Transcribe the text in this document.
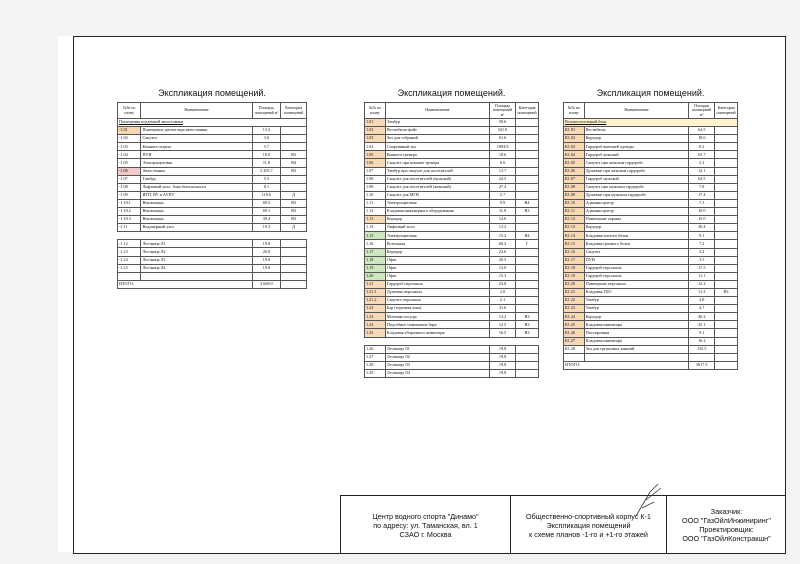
Экспликация помещений.
№№ по плану	Наименование	Площадь помещений м²	Категория помещений
Помещения подземной автостоянки			
-1.01	Помещение диспетчера автостоянки	13.3	
-1.02	Санузел	3.6	
-1.03	Комната отдыха	5.7	
-1.04	ПУИ	10.0	В3
-1.05	Электрощитовая	11.8	В4
-1.06	Автостоянка	3 205.7	В3
-1.07	Тамбур	5.3	
-1.08	Лифтовый холл. Зона безопасности	8.1	
-1.09	ИТП, ВУ и АУПТ	119.6	Д
-1.10.1	Венткамера	69.5	В3
-1.10.2	Венткамера	69.1	В3
-1.10.3	Венткамера	39.4	В3
-1.11	Водомерный узел	19.3	Д

-1.12	Лестница Л1	19.8	
-1.13	Лестница Л2	20.0	
-1.14	Лестница Л3	19.8	
-1.15	Лестница Л4	19.8	

ИТОГО:		3 668.0	
Экспликация помещений.
№№ по плану	Наименование	Площадь помещений м²	Категория помещений
1.01	Тамбур	50.6	
1.02	Вестибюль-фойе	541.0	
1.03	Зал для собраний	61.6	
1.04	Спортивный зал	1894.9	
1.05	Комната тренера	18.6	
1.06	Санузел при комнате тренера	8.6	
1.07	Тамбур при санузле для посетителей	13.7	
1.08	Санузел для посетителей (мужской)	24.5	
1.09	Санузел для посетителей (женский)	27.4	
1.10	Санузел для МГН	5.7	
1.11	Электрощитовая	9.9	В4
1.12	Кладовая инженерного оборудования	11.9	В3
1.13	Коридор	14.6	
1.14	Лифтовый холл	13.2	
1.15	Электрощитовая	15.2	В4
1.16	Котельная	60.2	Г
1.17	Коридор	22.6	
1.18	Офис	20.5	
1.19	Офис	12.0	
1.20	Офис	15.3	
1.21	Гардероб персонала	23.8	
1.21.1	Душевая персонала	2.0	
1.21.2	Санузел персонала	2.1	
1.22	Бар (торговая зона)	31.6	
1.23	Моечная посуды	13.2	В3
1.24	Подсобное помещение бара	12.5	В3
1.25	Кладовая уборочного инвентаря	16.5	В3

1.26	Лестница Л1	19.8	
1.27	Лестница Л2	19.8	
1.28	Лестница Л3	19.8	
1.29	Лестница Л4	19.8	
Экспликация помещений.
№№ по плану	Наименование	Площадь помещений м²	Категория помещений
Вспомогательный блок			
К1.01	Вестибюль	64.5	
К1.02	Коридор	18.6	
К1.03	Гардероб внешней одежды	8.2	
К1.04	Гардероб женский	63.7	
К1.05	Санузел при женском гардеробе	5.2	
К1.06	Душевые при женском гардеробе	12.1	
К1.07	Гардероб мужской	64.5	
К1.08	Санузел при мужском гардеробе	7.8	
К1.09	Душевые при мужском гардеробе	17.4	
К1.10	Администратор	7.3	
К1.11	Администратор	10.0	
К1.12	Помещение охраны	15.0	
К1.13	Коридор	20.4	
К1.14	Кладовая чистого белья	9.1	
К1.15	Кладовая грязного белья	7.2	
К1.16	Санузел	3.2	
К1.17	ПУИ	3.5	
К1.18	Гардероб персонала	17.5	
К1.19	Гардероб персонала	11.1	
К1.20	Помещение персонала	12.2	
К1.21	Кладовая ТБО	11.3	В3
К1.22	Тамбур	2.8	
К1.23	Тамбур	4.7	
К1.24	Коридор	46.2	
К1.25	Кладовая инвентаря	25.1	
К1.26	Постирочная	9.1	
К1.27	Кладовая инвентаря	16.2	
К1.28	Зал для групповых занятий	110.5	

ИТОГО:		3617.5	
Центр водного спорта "Динамо"
по адресу: ул. Таманская, вл. 1
СЗАО г. Москва
Общественно-спортивный корпус К-1
Экспликация помещений
к схеме планов -1-го и +1-го этажей
Заказчик:
ООО "ГазОйлИнжиниринг"
Проектировщик:
ООО "ГазОйлКонстракшн"
